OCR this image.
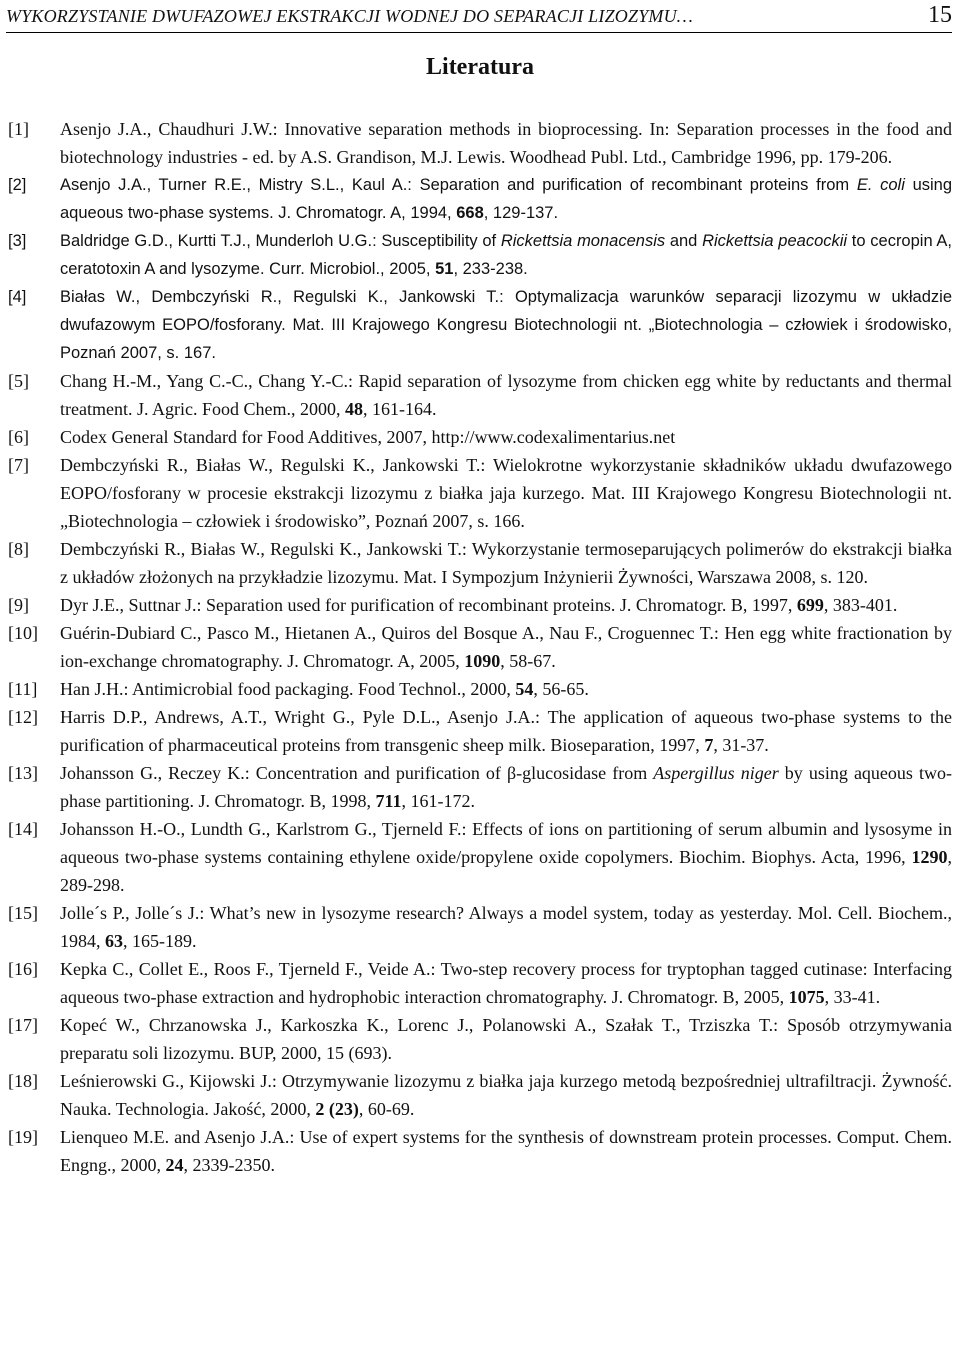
WYKORZYSTANIE DWUFAZOWEJ EKSTRAKCJI WODNEJ DO SEPARACJI LIZOZYMU…	15
Literatura
[1] Asenjo J.A., Chaudhuri J.W.: Innovative separation methods in bioprocessing. In: Separation processes in the food and biotechnology industries - ed. by A.S. Grandison, M.J. Lewis. Woodhead Publ. Ltd., Cambridge 1996, pp. 179-206.
[2] Asenjo J.A., Turner R.E., Mistry S.L., Kaul A.: Separation and purification of recombinant proteins from E. coli using aqueous two-phase systems. J. Chromatogr. A, 1994, 668, 129-137.
[3] Baldridge G.D., Kurtti T.J., Munderloh U.G.: Susceptibility of Rickettsia monacensis and Rickettsia peacockii to cecropin A, ceratotoxin A and lysozyme. Curr. Microbiol., 2005, 51, 233-238.
[4] Białas W., Dembczyński R., Regulski K., Jankowski T.: Optymalizacja warunków separacji lizozymu w układzie dwufazowym EOPO/fosforany. Mat. III Krajowego Kongresu Biotechnologii nt. „Biotechnologia – człowiek i środowisko, Poznań 2007, s. 167.
[5] Chang H.-M., Yang C.-C., Chang Y.-C.: Rapid separation of lysozyme from chicken egg white by reductants and thermal treatment. J. Agric. Food Chem., 2000, 48, 161-164.
[6] Codex General Standard for Food Additives, 2007, http://www.codexalimentarius.net
[7] Dembczyński R., Białas W., Regulski K., Jankowski T.: Wielokrotne wykorzystanie składników układu dwufazowego EOPO/fosforany w procesie ekstrakcji lizozymu z białka jaja kurzego. Mat. III Krajowego Kongresu Biotechnologii nt. „Biotechnologia – człowiek i środowisko”, Poznań 2007, s. 166.
[8] Dembczyński R., Białas W., Regulski K., Jankowski T.: Wykorzystanie termoseparujących polimerów do ekstrakcji białka z układów złożonych na przykładzie lizozymu. Mat. I Sympozjum Inżynierii Żywności, Warszawa 2008, s. 120.
[9] Dyr J.E., Suttnar J.: Separation used for purification of recombinant proteins. J. Chromatogr. B, 1997, 699, 383-401.
[10] Guérin-Dubiard C., Pasco M., Hietanen A., Quiros del Bosque A., Nau F., Croguennec T.: Hen egg white fractionation by ion-exchange chromatography. J. Chromatogr. A, 2005, 1090, 58-67.
[11] Han J.H.: Antimicrobial food packaging. Food Technol., 2000, 54, 56-65.
[12] Harris D.P., Andrews, A.T., Wright G., Pyle D.L., Asenjo J.A.: The application of aqueous two-phase systems to the purification of pharmaceutical proteins from transgenic sheep milk. Bioseparation, 1997, 7, 31-37.
[13] Johansson G., Reczey K.: Concentration and purification of β-glucosidase from Aspergillus niger by using aqueous two-phase partitioning. J. Chromatogr. B, 1998, 711, 161-172.
[14] Johansson H.-O., Lundth G., Karlstrom G., Tjerneld F.: Effects of ions on partitioning of serum albumin and lysosyme in aqueous two-phase systems containing ethylene oxide/propylene oxide copolymers. Biochim. Biophys. Acta, 1996, 1290, 289-298.
[15] Jolle´s P., Jolle´s J.: What’s new in lysozyme research? Always a model system, today as yesterday. Mol. Cell. Biochem., 1984, 63, 165-189.
[16] Kepka C., Collet E., Roos F., Tjerneld F., Veide A.: Two-step recovery process for tryptophan tagged cutinase: Interfacing aqueous two-phase extraction and hydrophobic interaction chromatography. J. Chromatogr. B, 2005, 1075, 33-41.
[17] Kopeć W., Chrzanowska J., Karkoszka K., Lorenc J., Polanowski A., Szałak T., Trziszka T.: Sposób otrzymywania preparatu soli lizozymu. BUP, 2000, 15 (693).
[18] Leśnierowski G., Kijowski J.: Otrzymywanie lizozymu z białka jaja kurzego metodą bezpośredniej ultrafiltracji. Żywność. Nauka. Technologia. Jakość, 2000, 2 (23), 60-69.
[19] Lienqueo M.E. and Asenjo J.A.: Use of expert systems for the synthesis of downstream protein processes. Comput. Chem. Engng., 2000, 24, 2339-2350.
